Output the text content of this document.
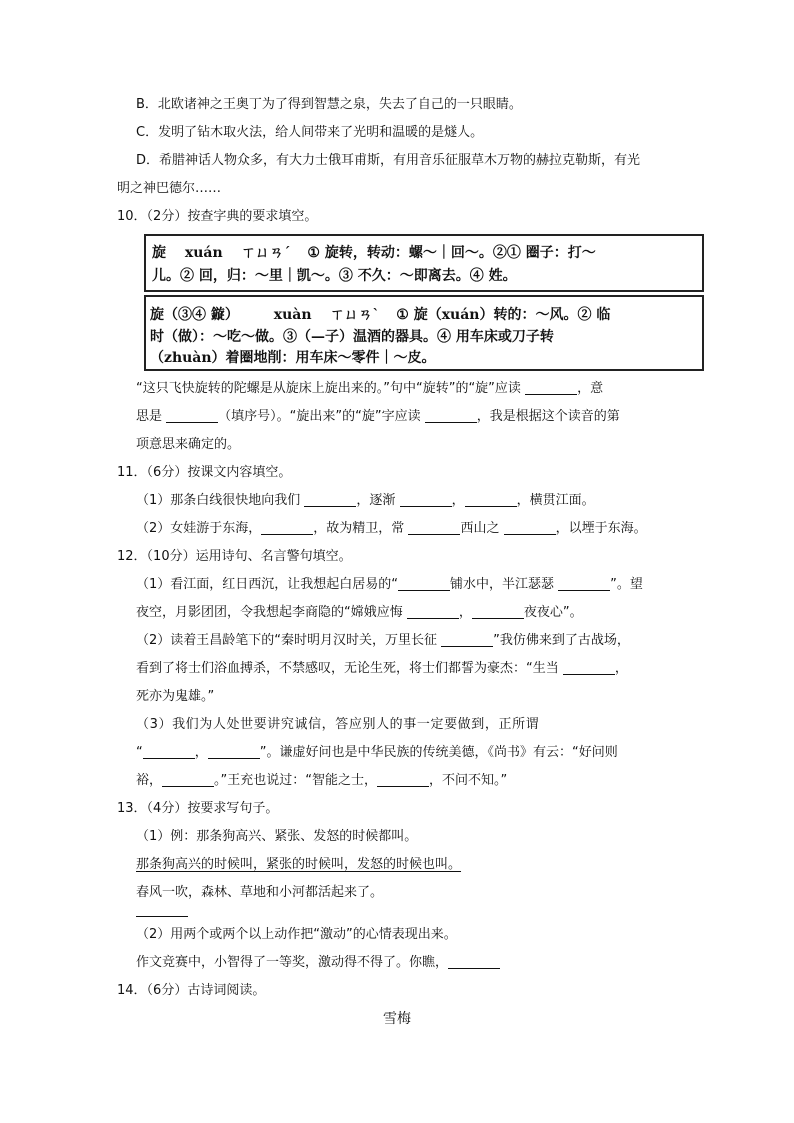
B．北欧诸神之王奥丁为了得到智慧之泉，失去了自己的一只眼睛。
C．发明了钻木取火法，给人间带来了光明和温暖的是燧人。
D．希腊神话人物众多，有大力士俄耳甫斯，有用音乐征服草木万物的赫拉克勒斯，有光
明之神巴德尔……
10．（2分）按查字典的要求填空。
旋 xuán ㄒㄩㄢˊ ① 旋转，转动：螺～｜回～。②① 圈子：打～
儿。② 回，归：～里｜凯～。③ 不久：～即离去。④ 姓。
旋（③④ 鏇） xuàn ㄒㄩㄢˋ ① 旋（xuán）转的：～风。② 临
时（做）：～吃～做。③（—子）温酒的器具。④ 用车床或刀子转
（zhuàn）着圈地削：用车床～零件｜～皮。
“这只飞快旋转的陀螺是从旋床上旋出来的。”句中“旋转”的“旋”应读	，意
思是	（填序号）。“旋出来”的“旋”字应读	，我是根据这个读音的第
项意思来确定的。
11．（6分）按课文内容填空。
（1）那条白线很快地向我们	，逐渐	，	，横贯江面。
（2）女娃游于东海，	，故为精卫，常	西山之	，以堙于东海。
12．（10分）运用诗句、名言警句填空。
（1）看江面，红日西沉，让我想起白居易的“	铺水中，半江瑟瑟	”。望
夜空，月影团团，令我想起李商隐的“嫦娥应悔	，	夜夜心”。
（2）读着王昌龄笔下的“秦时明月汉时关，万里长征	”我仿佛来到了古战场，
看到了将士们浴血搏杀，不禁感叹，无论生死，将士们都誓为豪杰：“生当	，
死亦为鬼雄。”
（3）我们为人处世要讲究诚信，答应别人的事一定要做到，正所谓
“	，	”。谦虚好问也是中华民族的传统美德，《尚书》有云：“好问则
裕，	。”王充也说过：“智能之士，	，不问不知。”
13．（4分）按要求写句子。
（1）例：那条狗高兴、紧张、发怒的时候都叫。
那条狗高兴的时候叫，紧张的时候叫，发怒的时候也叫。
春风一吹，森林、草地和小河都活起来了。
（2）用两个或两个以上动作把“激动”的心情表现出来。
作文竞赛中，小智得了一等奖，激动得不得了。你瞧，
14．（6分）古诗词阅读。
雪梅
